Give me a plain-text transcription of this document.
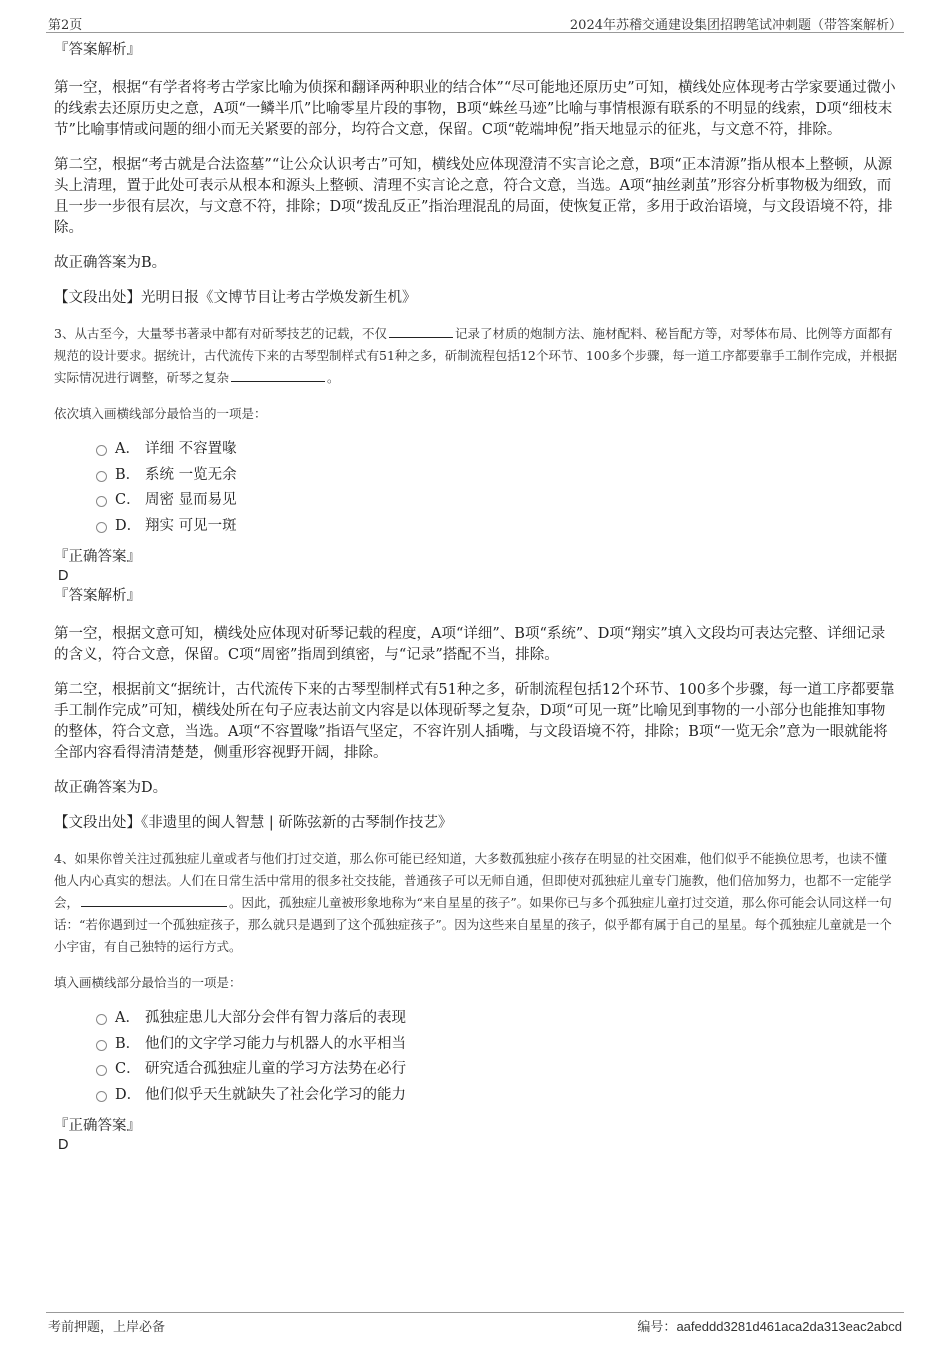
第2页	2024年苏稽交通建设集团招聘笔试冲刺题（带答案解析）

『答案解析』

第一空，根据“有学者将考古学家比喻为侦探和翻译两种职业的结合体”“尽可能地还原历史”可知，横线处应体现考古学家要通过微小的线索去还原历史之意，A项“一鳞半爪”比喻零星片段的事物，B项“蛛丝马迹”比喻与事情根源有联系的不明显的线索，D项“细枝末节”比喻事情或问题的细小而无关紧要的部分，均符合文意，保留。C项“乾端坤倪”指天地显示的征兆，与文意不符，排除。

第二空，根据“考古就是合法盗墓”“让公众认识考古”可知，横线处应体现澄清不实言论之意，B项“正本清源”指从根本上整顿，从源头上清理，置于此处可表示从根本和源头上整顿、清理不实言论之意，符合文意，当选。A项“抽丝剥茧”形容分析事物极为细致，而且一步一步很有层次，与文意不符，排除；D项“拨乱反正”指治理混乱的局面，使恢复正常，多用于政治语境，与文段语境不符，排除。

故正确答案为B。

【文段出处】光明日报《文博节目让考古学焕发新生机》

3、从古至今，大量琴书著录中都有对斫琴技艺的记载，不仅	记录了材质的炮制方法、施材配料、秘旨配方等，对琴体布局、比例等方面都有规范的设计要求。据统计，古代流传下来的古琴型制样式有51种之多，斫制流程包括12个环节、100多个步骤，每一道工序都要靠手工制作完成，并根据实际情况进行调整，斫琴之复杂	。

依次填入画横线部分最恰当的一项是：

A． 详细 不容置喙
B． 系统 一览无余
C． 周密 显而易见
D． 翔实 可见一斑

『正确答案』

D

『答案解析』

第一空，根据文意可知，横线处应体现对斫琴记载的程度，A项“详细”、B项“系统”、D项“翔实”填入文段均可表达完整、详细记录的含义，符合文意，保留。C项“周密”指周到缜密，与“记录”搭配不当，排除。

第二空，根据前文“据统计，古代流传下来的古琴型制样式有51种之多，斫制流程包括12个环节、100多个步骤，每一道工序都要靠手工制作完成”可知，横线处所在句子应表达前文内容是以体现斫琴之复杂，D项“可见一斑”比喻见到事物的一小部分也能推知事物的整体，符合文意，当选。A项“不容置喙”指语气坚定，不容许别人插嘴，与文段语境不符，排除；B项“一览无余”意为一眼就能将全部内容看得清清楚楚，侧重形容视野开阔，排除。

故正确答案为D。

【文段出处】《非遗里的闽人智慧 | 斫陈弦新的古琴制作技艺》

4、如果你曾关注过孤独症儿童或者与他们打过交道，那么你可能已经知道，大多数孤独症小孩存在明显的社交困难，他们似乎不能换位思考，也读不懂他人内心真实的想法。人们在日常生活中常用的很多社交技能，普通孩子可以无师自通，但即使对孤独症儿童专门施教，他们倍加努力，也都不一定能学会，	。因此，孤独症儿童被形象地称为“来自星星的孩子”。如果你已与多个孤独症儿童打过交道，那么你可能会认同这样一句话：“若你遇到过一个孤独症孩子，那么就只是遇到了这个孤独症孩子”。因为这些来自星星的孩子，似乎都有属于自己的星星。每个孤独症儿童就是一个小宇宙，有自己独特的运行方式。

填入画横线部分最恰当的一项是：

A． 孤独症患儿大部分会伴有智力落后的表现
B． 他们的文字学习能力与机器人的水平相当
C． 研究适合孤独症儿童的学习方法势在必行
D． 他们似乎天生就缺失了社会化学习的能力

『正确答案』

D

考前押题，上岸必备	编号：aafeddd3281d461aca2da313eac2abcd
